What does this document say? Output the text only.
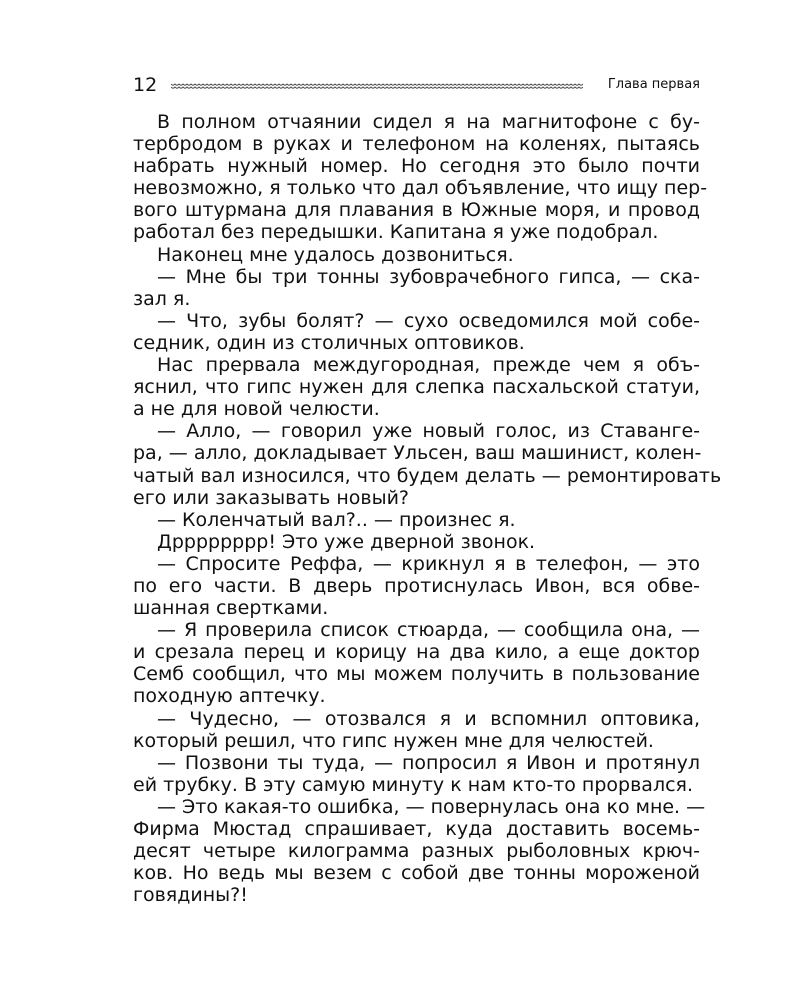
12	Глава первая
В полном отчаянии сидел я на магнитофоне с бу-
тербродом в руках и телефоном на коленях, пытаясь
набрать нужный номер. Но сегодня это было почти
невозможно, я только что дал объявление, что ищу пер-
вого штурмана для плавания в Южные моря, и провод
работал без передышки. Капитана я уже подобрал.
Наконец мне удалось дозвониться.
— Мне бы три тонны зубоврачебного гипса, — ска-
зал я.
— Что, зубы болят? — сухо осведомился мой собе-
седник, один из столичных оптовиков.
Нас прервала междугородная, прежде чем я объ-
яснил, что гипс нужен для слепка пасхальской статуи,
а не для новой челюсти.
— Алло, — говорил уже новый голос, из Ставанге-
ра, — алло, докладывает Ульсен, ваш машинист, колен-
чатый вал износился, что будем делать — ремонтировать
его или заказывать новый?
— Коленчатый вал?.. — произнес я.
Дрррррррр! Это уже дверной звонок.
— Спросите Реффа, — крикнул я в телефон, — это
по его части. В дверь протиснулась Ивон, вся обве-
шанная свертками.
— Я проверила список стюарда, — сообщила она, —
и срезала перец и корицу на два кило, а еще доктор
Семб сообщил, что мы можем получить в пользование
походную аптечку.
— Чудесно, — отозвался я и вспомнил оптовика,
который решил, что гипс нужен мне для челюстей.
— Позвони ты туда, — попросил я Ивон и протянул
ей трубку. В эту самую минуту к нам кто-то прорвался.
— Это какая-то ошибка, — повернулась она ко мне. —
Фирма Мюстад спрашивает, куда доставить восемь-
десят четыре килограмма разных рыболовных крюч-
ков. Но ведь мы везем с собой две тонны мороженой
говядины?!
